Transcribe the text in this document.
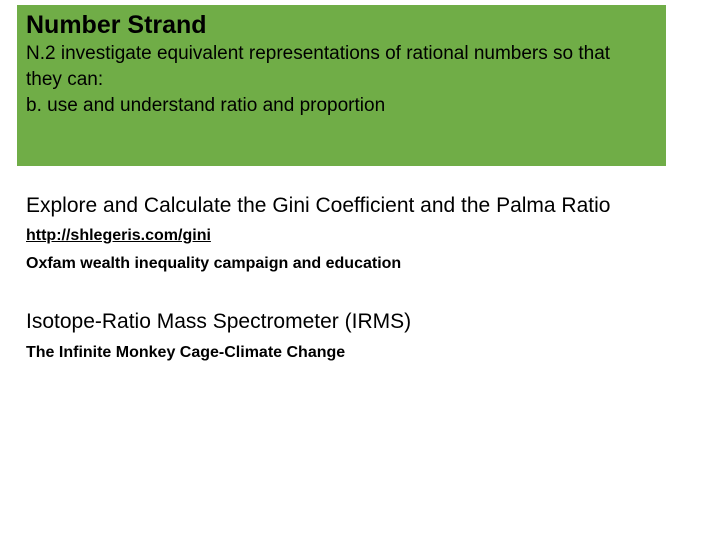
Number Strand

N.2 investigate equivalent representations of rational numbers so that

they can:

b. use and understand ratio and proportion

Explore and Calculate the Gini Coefficient and the Palma Ratio

http://shlegeris.com/gini

Oxfam wealth inequality campaign and education

Isotope-Ratio Mass Spectrometer (IRMS)

The Infinite Monkey Cage-Climate Change
